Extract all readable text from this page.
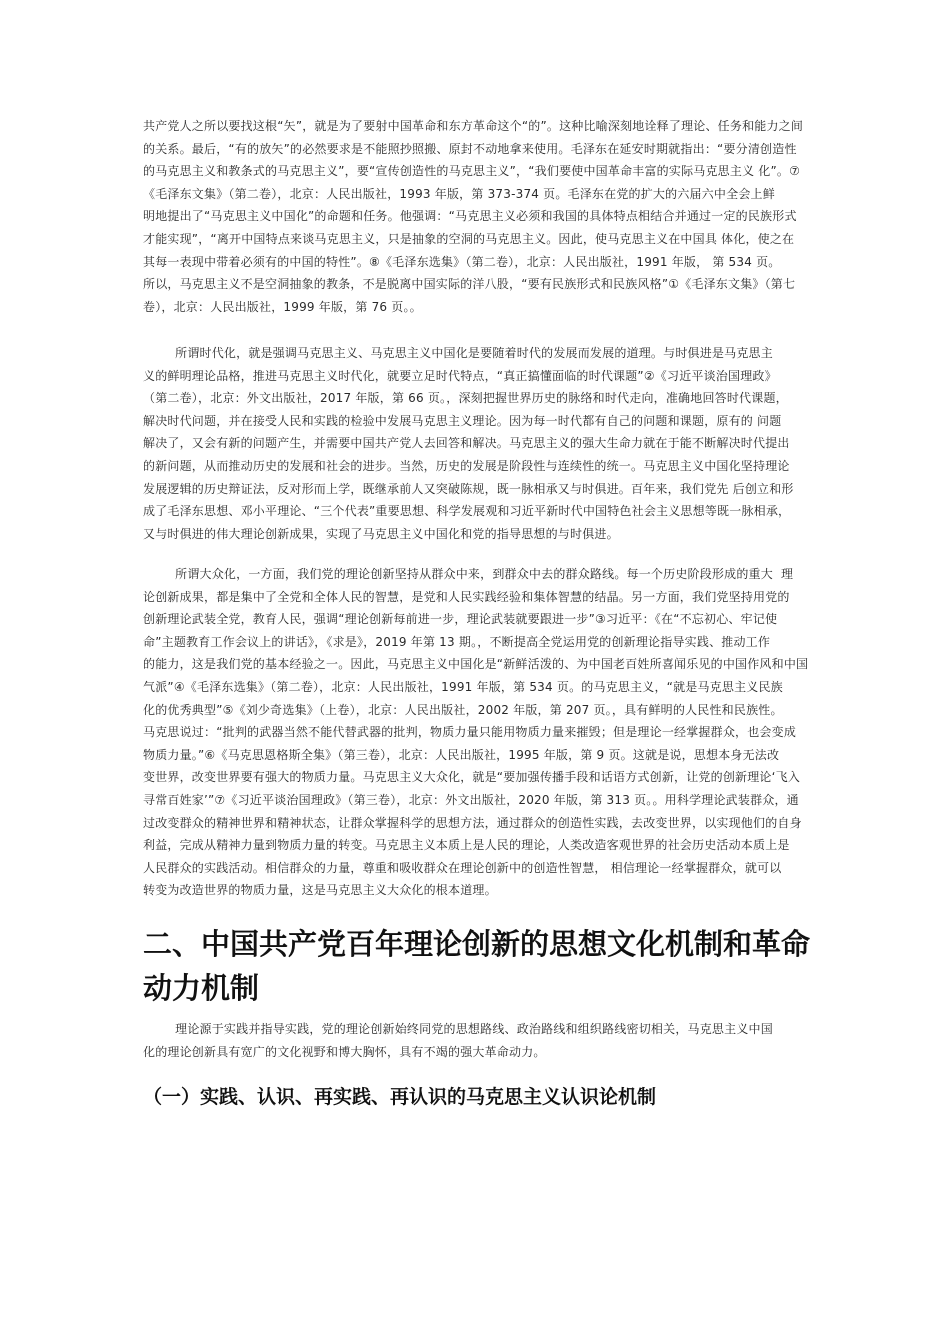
共产党人之所以要找这根“矢”，就是为了要射中国革命和东方革命这个“的”。这种比喻深刻地诠释了理论、任务和能力之间
的关系。最后，“有的放矢”的必然要求是不能照抄照搬、原封不动地拿来使用。毛泽东在延安时期就指出：“要分清创造性
的马克思主义和教条式的马克思主义”，要“宣传创造性的马克思主义”，“我们要使中国革命丰富的实际马克思主义 化”。⑦
《毛泽东文集》（第二卷），北京：人民出版社，1993 年版，第 373-374 页。毛泽东在党的扩大的六届六中全会上鲜
明地提出了“马克思主义中国化”的命题和任务。他强调：“马克思主义必须和我国的具体特点相结合并通过一定的民族形式
才能实现”，“离开中国特点来谈马克思主义，只是抽象的空洞的马克思主义。因此，使马克思主义在中国具 体化，使之在
其每一表现中带着必须有的中国的特性”。⑧《毛泽东选集》（第二卷），北京：人民出版社，1991 年版， 第 534 页。
所以，马克思主义不是空洞抽象的教条，不是脱离中国实际的洋八股，“要有民族形式和民族风格”①《毛泽东文集》（第七
卷），北京：人民出版社，1999 年版，第 76 页。。
所谓时代化，就是强调马克思主义、马克思主义中国化是要随着时代的发展而发展的道理。与时俱进是马克思主
义的鲜明理论品格，推进马克思主义时代化，就要立足时代特点，“真正搞懂面临的时代课题”②《习近平谈治国理政》
（第二卷），北京：外文出版社，2017 年版，第 66 页。，深刻把握世界历史的脉络和时代走向，准确地回答时代课题，
解决时代问题，并在接受人民和实践的检验中发展马克思主义理论。因为每一时代都有自己的问题和课题，原有的 问题
解决了，又会有新的问题产生，并需要中国共产党人去回答和解决。马克思主义的强大生命力就在于能不断解决时代提出
的新问题，从而推动历史的发展和社会的进步。当然，历史的发展是阶段性与连续性的统一。马克思主义中国化坚持理论
发展逻辑的历史辩证法，反对形而上学，既继承前人又突破陈规，既一脉相承又与时俱进。百年来，我们党先 后创立和形
成了毛泽东思想、邓小平理论、“三个代表”重要思想、科学发展观和习近平新时代中国特色社会主义思想等既一脉相承，
又与时俱进的伟大理论创新成果，实现了马克思主义中国化和党的指导思想的与时俱进。
所谓大众化，一方面，我们党的理论创新坚持从群众中来，到群众中去的群众路线。每一个历史阶段形成的重大  理
论创新成果，都是集中了全党和全体人民的智慧，是党和人民实践经验和集体智慧的结晶。另一方面，我们党坚持用党的
创新理论武装全党，教育人民，强调“理论创新每前进一步，理论武装就要跟进一步”③习近平：《在“不忘初心、牢记使
命”主题教育工作会议上的讲话》，《求是》，2019 年第 13 期。，不断提高全党运用党的创新理论指导实践、推动工作
的能力，这是我们党的基本经验之一。因此，马克思主义中国化是“新鲜活泼的、为中国老百姓所喜闻乐见的中国作风和中国
气派”④《毛泽东选集》（第二卷），北京：人民出版社，1991 年版，第 534 页。的马克思主义，“就是马克思主义民族
化的优秀典型”⑤《刘少奇选集》（上卷），北京：人民出版社，2002 年版，第 207 页。，具有鲜明的人民性和民族性。
马克思说过：“批判的武器当然不能代替武器的批判，物质力量只能用物质力量来摧毁；但是理论一经掌握群众，也会变成
物质力量。”⑥《马克思恩格斯全集》（第三卷），北京：人民出版社，1995 年版，第 9 页。这就是说，思想本身无法改
变世界，改变世界要有强大的物质力量。马克思主义大众化，就是“要加强传播手段和话语方式创新，让党的创新理论‘飞入
寻常百姓家’”⑦《习近平谈治国理政》（第三卷），北京：外文出版社，2020 年版，第 313 页。。用科学理论武装群众，通
过改变群众的精神世界和精神状态，让群众掌握科学的思想方法，通过群众的创造性实践，去改变世界，以实现他们的自身
利益，完成从精神力量到物质力量的转变。马克思主义本质上是人民的理论，人类改造客观世界的社会历史活动本质上是
人民群众的实践活动。相信群众的力量，尊重和吸收群众在理论创新中的创造性智慧， 相信理论一经掌握群众，就可以
转变为改造世界的物质力量，这是马克思主义大众化的根本道理。
二、中国共产党百年理论创新的思想文化机制和革命
动力机制
理论源于实践并指导实践，党的理论创新始终同党的思想路线、政治路线和组织路线密切相关，马克思主义中国
化的理论创新具有宽广的文化视野和博大胸怀，具有不竭的强大革命动力。
（一）实践、认识、再实践、再认识的马克思主义认识论机制
